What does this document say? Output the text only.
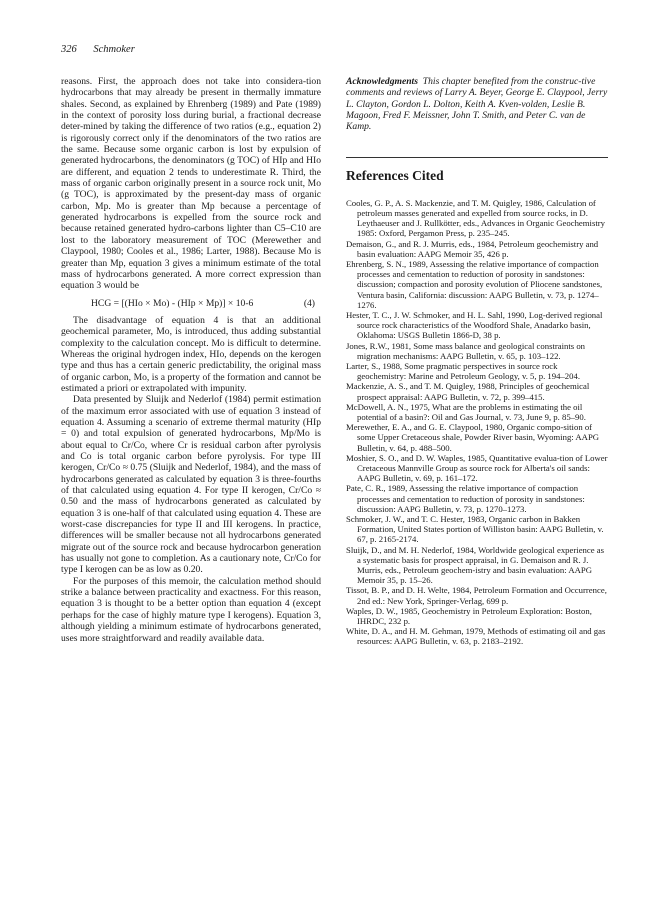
326 Schmoker

reasons. First, the approach does not take into considera-tion hydrocarbons that may already be present in thermally immature shales. Second, as explained by Ehrenberg (1989) and Pate (1989) in the context of porosity loss during burial, a fractional decrease deter-mined by taking the difference of two ratios (e.g., equation 2) is rigorously correct only if the denominators of the two ratios are the same. Because some organic carbon is lost by expulsion of generated hydrocarbons, the denominators (g TOC) of HIp and HIo are different, and equation 2 tends to underestimate R. Third, the mass of organic carbon originally present in a source rock unit, Mo (g TOC), is approximated by the present-day mass of organic carbon, Mp. Mo is greater than Mp because a percentage of generated hydrocarbons is expelled from the source rock and because retained generated hydro-carbons lighter than C5–C10 are lost to the laboratory measurement of TOC (Merewether and Claypool, 1980; Cooles et al., 1986; Larter, 1988). Because Mo is greater than Mp, equation 3 gives a minimum estimate of the total mass of hydrocarbons generated. A more correct expression than equation 3 would be

HCG = [(HIo × Mo) - (HIp × Mp)] × 10-6	(4)

The disadvantage of equation 4 is that an additional geochemical parameter, Mo, is introduced, thus adding substantial complexity to the calculation concept. Mo is difficult to determine. Whereas the original hydrogen index, HIo, depends on the kerogen type and thus has a certain generic predictability, the original mass of organic carbon, Mo, is a property of the formation and cannot be estimated a priori or extrapolated with impunity.

Data presented by Sluijk and Nederlof (1984) permit estimation of the maximum error associated with use of equation 3 instead of equation 4. Assuming a scenario of extreme thermal maturity (HIp = 0) and total expulsion of generated hydrocarbons, Mp/Mo is about equal to Cr/Co, where Cr is residual carbon after pyrolysis and Co is total organic carbon before pyrolysis. For type III kerogen, Cr/Co ≈ 0.75 (Sluijk and Nederlof, 1984), and the mass of hydrocarbons generated as calculated by equation 3 is three-fourths of that calculated using equation 4. For type II kerogen, Cr/Co ≈ 0.50 and the mass of hydrocarbons generated as calculated by equation 3 is one-half of that calculated using equation 4. These are worst-case discrepancies for type II and III kerogens. In practice, differences will be smaller because not all hydrocarbons generated migrate out of the source rock and because hydrocarbon generation has usually not gone to completion. As a cautionary note, Cr/Co for type I kerogen can be as low as 0.20.

For the purposes of this memoir, the calculation method should strike a balance between practicality and exactness. For this reason, equation 3 is thought to be a better option than equation 4 (except perhaps for the case of highly mature type I kerogens). Equation 3, although yielding a minimum estimate of hydrocarbons generated, uses more straightforward and readily available data.

Acknowledgments This chapter benefited from the construc-tive comments and reviews of Larry A. Beyer, George E. Claypool, Jerry L. Clayton, Gordon L. Dolton, Keith A. Kven-volden, Leslie B. Magoon, Fred F. Meissner, John T. Smith, and Peter C. van de Kamp.

References Cited
Cooles, G. P., A. S. Mackenzie, and T. M. Quigley, 1986, Calculation of petroleum masses generated and expelled from source rocks, in D. Leythaeuser and J. Rullkötter, eds., Advances in Organic Geochemistry 1985: Oxford, Pergamon Press, p. 235–245.
Demaison, G., and R. J. Murris, eds., 1984, Petroleum geochemistry and basin evaluation: AAPG Memoir 35, 426 p.
Ehrenberg, S. N., 1989, Assessing the relative importance of compaction processes and cementation to reduction of porosity in sandstones: discussion; compaction and porosity evolution of Pliocene sandstones, Ventura basin, California: discussion: AAPG Bulletin, v. 73, p. 1274–1276.
Hester, T. C., J. W. Schmoker, and H. L. Sahl, 1990, Log-derived regional source rock characteristics of the Woodford Shale, Anadarko basin, Oklahoma: USGS Bulletin 1866-D, 38 p.
Jones, R.W., 1981, Some mass balance and geological constraints on migration mechanisms: AAPG Bulletin, v. 65, p. 103–122.
Larter, S., 1988, Some pragmatic perspectives in source rock geochemistry: Marine and Petroleum Geology, v. 5, p. 194–204.
Mackenzie, A. S., and T. M. Quigley, 1988, Principles of geochemical prospect appraisal: AAPG Bulletin, v. 72, p. 399–415.
McDowell, A. N., 1975, What are the problems in estimating the oil potential of a basin?: Oil and Gas Journal, v. 73, June 9, p. 85–90.
Merewether, E. A., and G. E. Claypool, 1980, Organic compo-sition of some Upper Cretaceous shale, Powder River basin, Wyoming: AAPG Bulletin, v. 64, p. 488–500.
Moshier, S. O., and D. W. Waples, 1985, Quantitative evalua-tion of Lower Cretaceous Mannville Group as source rock for Alberta's oil sands: AAPG Bulletin, v. 69, p. 161–172.
Pate, C. R., 1989, Assessing the relative importance of compaction processes and cementation to reduction of porosity in sandstones: discussion: AAPG Bulletin, v. 73, p. 1270–1273.
Schmoker, J. W., and T. C. Hester, 1983, Organic carbon in Bakken Formation, United States portion of Williston basin: AAPG Bulletin, v. 67, p. 2165-2174.
Sluijk, D., and M. H. Nederlof, 1984, Worldwide geological experience as a systematic basis for prospect appraisal, in G. Demaison and R. J. Murris, eds., Petroleum geochem-istry and basin evaluation: AAPG Memoir 35, p. 15–26.
Tissot, B. P., and D. H. Welte, 1984, Petroleum Formation and Occurrence, 2nd ed.: New York, Springer-Verlag, 699 p.
Waples, D. W., 1985, Geochemistry in Petroleum Exploration: Boston, IHRDC, 232 p.
White, D. A., and H. M. Gehman, 1979, Methods of estimating oil and gas resources: AAPG Bulletin, v. 63, p. 2183–2192.
